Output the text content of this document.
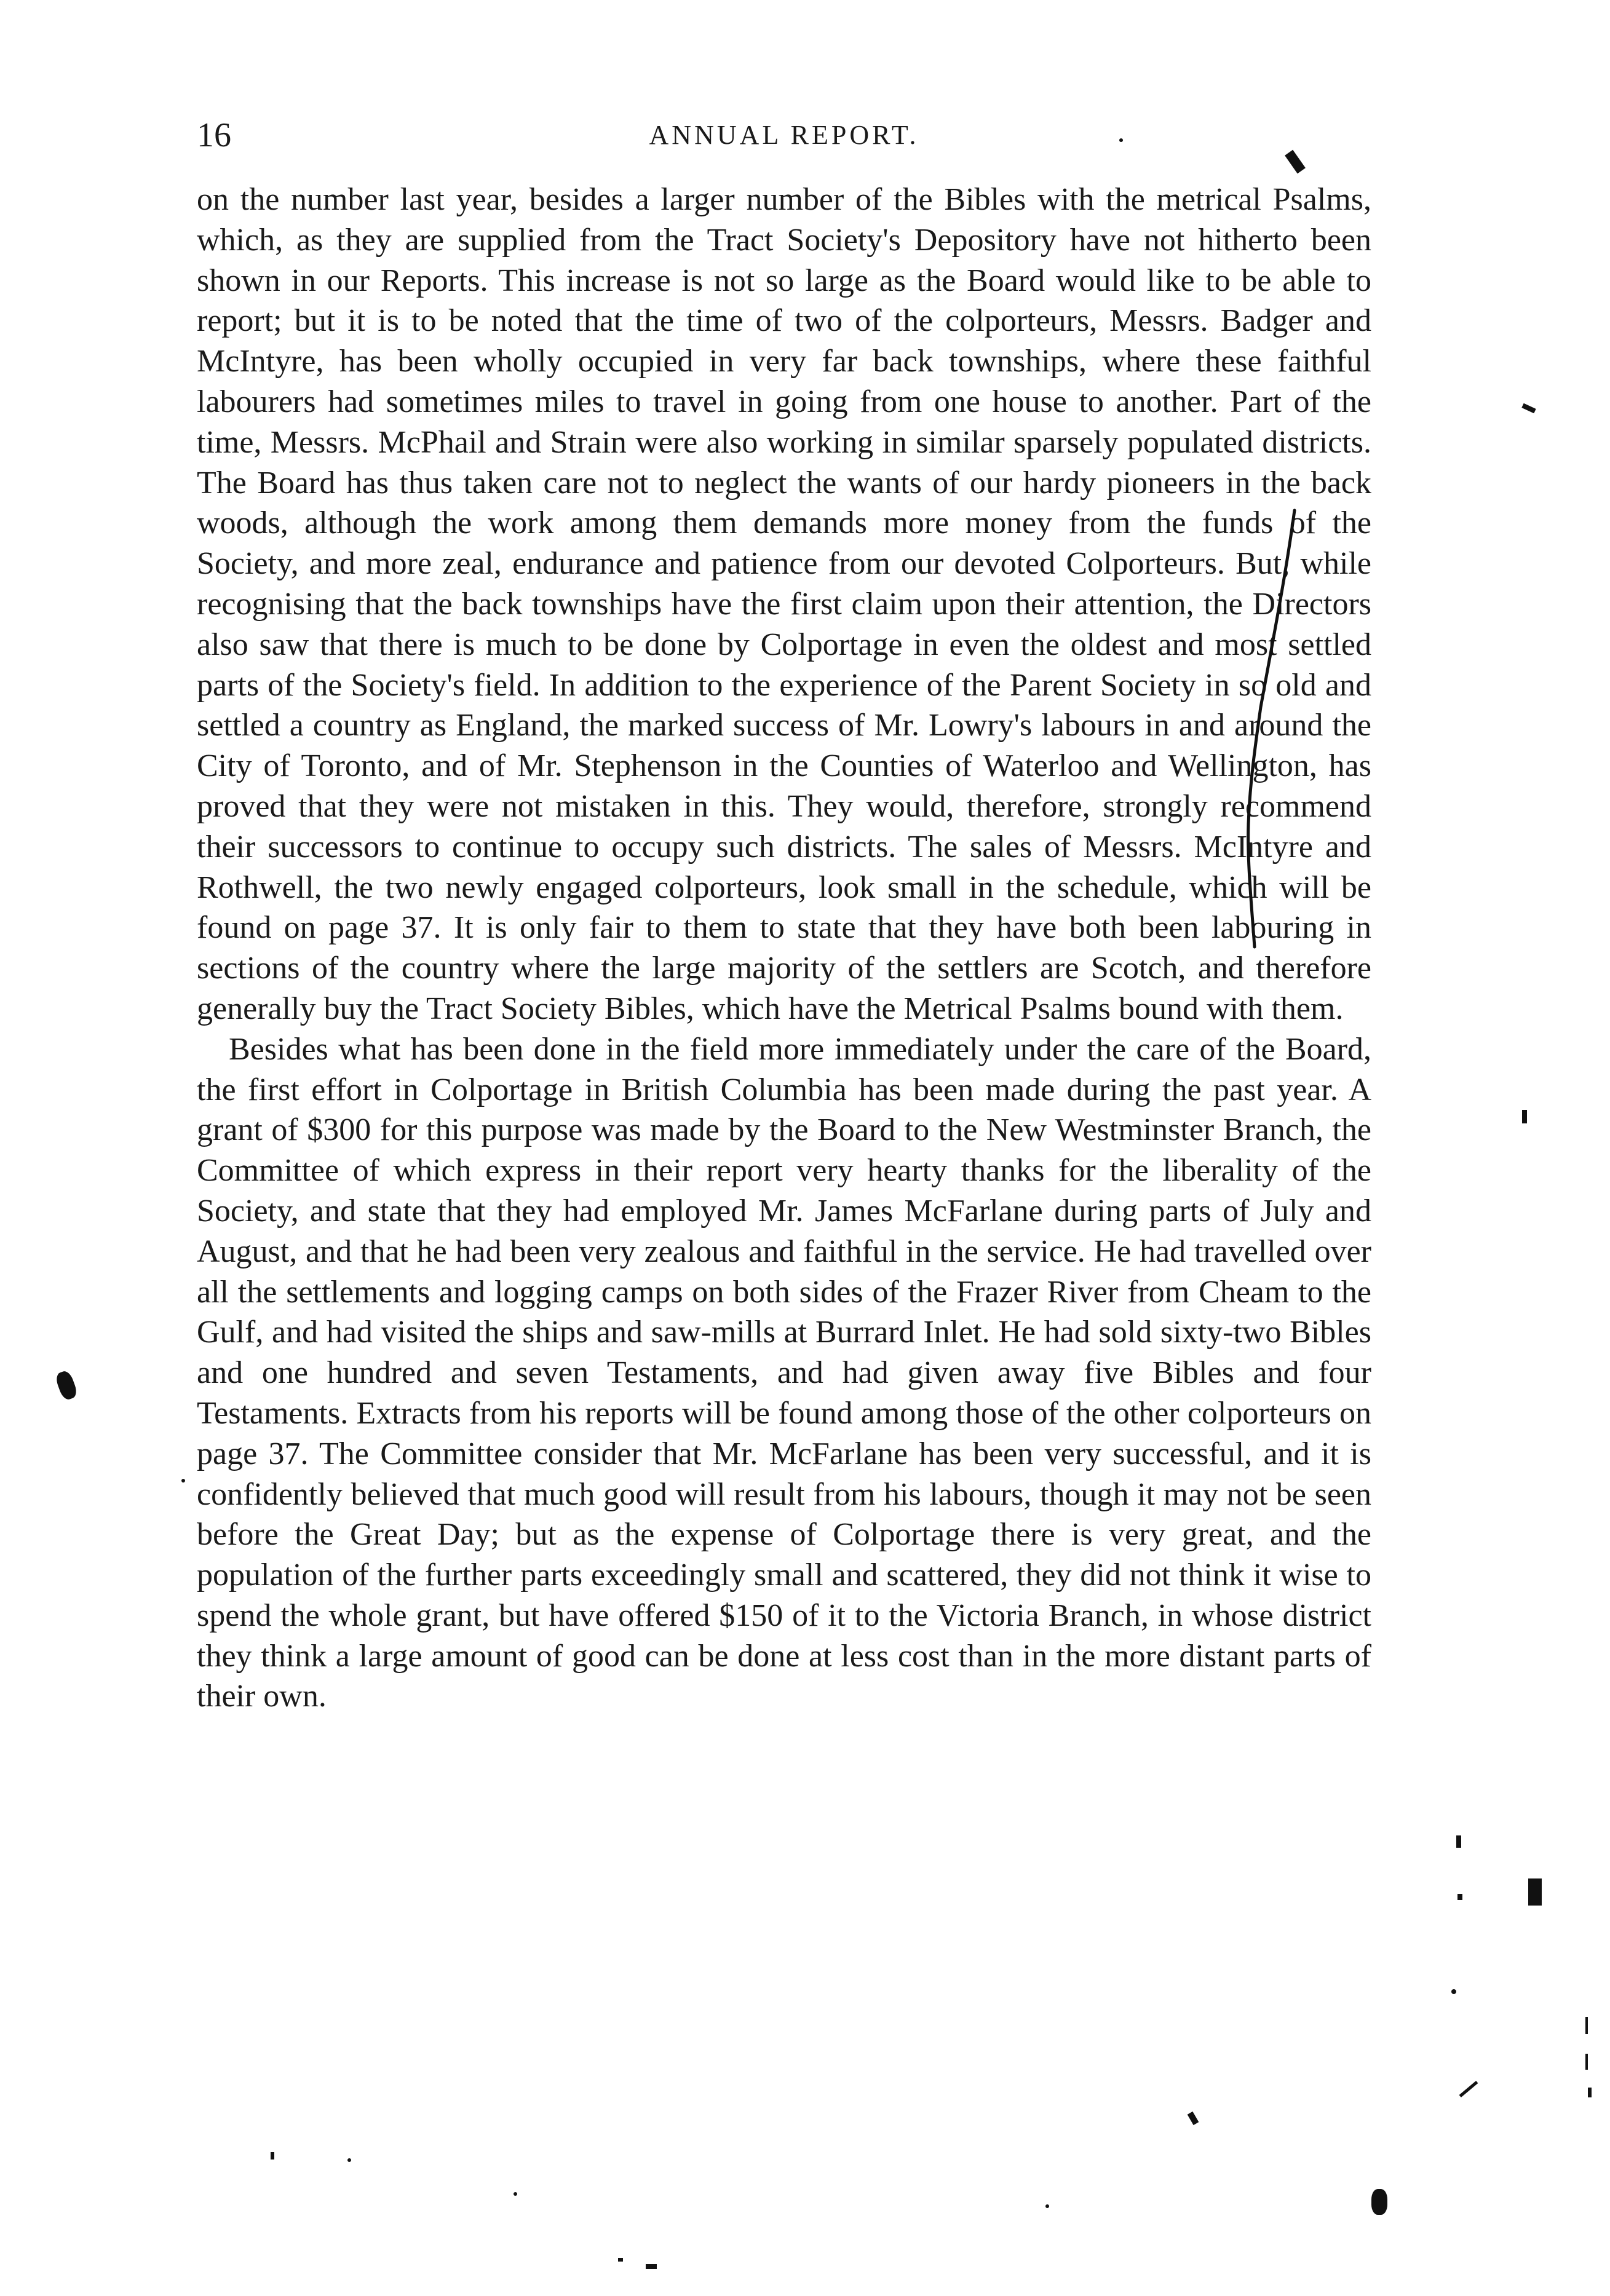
16	ANNUAL REPORT.

on the number last year, besides a larger number of the Bibles with the metrical Psalms, which, as they are supplied from the Tract Society's Depository have not hitherto been shown in our Reports. This increase is not so large as the Board would like to be able to report; but it is to be noted that the time of two of the colporteurs, Messrs. Badger and McIntyre, has been wholly occupied in very far back townships, where these faithful labourers had sometimes miles to travel in going from one house to another. Part of the time, Messrs. McPhail and Strain were also working in similar sparsely populated districts. The Board has thus taken care not to neglect the wants of our hardy pioneers in the back woods, although the work among them demands more money from the funds of the Society, and more zeal, endurance and patience from our devoted Colporteurs. But, while recognising that the back townships have the first claim upon their attention, the Directors also saw that there is much to be done by Colportage in even the oldest and most settled parts of the Society's field. In addition to the experience of the Parent Society in so old and settled a country as England, the marked success of Mr. Lowry's labours in and around the City of Toronto, and of Mr. Stephenson in the Counties of Waterloo and Wellington, has proved that they were not mistaken in this. They would, therefore, strongly recommend their successors to continue to occupy such districts. The sales of Messrs. McIntyre and Rothwell, the two newly engaged colporteurs, look small in the schedule, which will be found on page 37. It is only fair to them to state that they have both been labouring in sections of the country where the large majority of the settlers are Scotch, and therefore generally buy the Tract Society Bibles, which have the Metrical Psalms bound with them.

Besides what has been done in the field more immediately under the care of the Board, the first effort in Colportage in British Columbia has been made during the past year. A grant of $300 for this purpose was made by the Board to the New Westminster Branch, the Committee of which express in their report very hearty thanks for the liberality of the Society, and state that they had employed Mr. James McFarlane during parts of July and August, and that he had been very zealous and faithful in the service. He had travelled over all the settlements and logging camps on both sides of the Frazer River from Cheam to the Gulf, and had visited the ships and saw-mills at Burrard Inlet. He had sold sixty-two Bibles and one hundred and seven Testaments, and had given away five Bibles and four Testaments. Extracts from his reports will be found among those of the other colporteurs on page 37. The Committee consider that Mr. McFarlane has been very successful, and it is confidently believed that much good will result from his labours, though it may not be seen before the Great Day; but as the expense of Colportage there is very great, and the population of the further parts exceedingly small and scattered, they did not think it wise to spend the whole grant, but have offered $150 of it to the Victoria Branch, in whose district they think a large amount of good can be done at less cost than in the more distant parts of their own.
